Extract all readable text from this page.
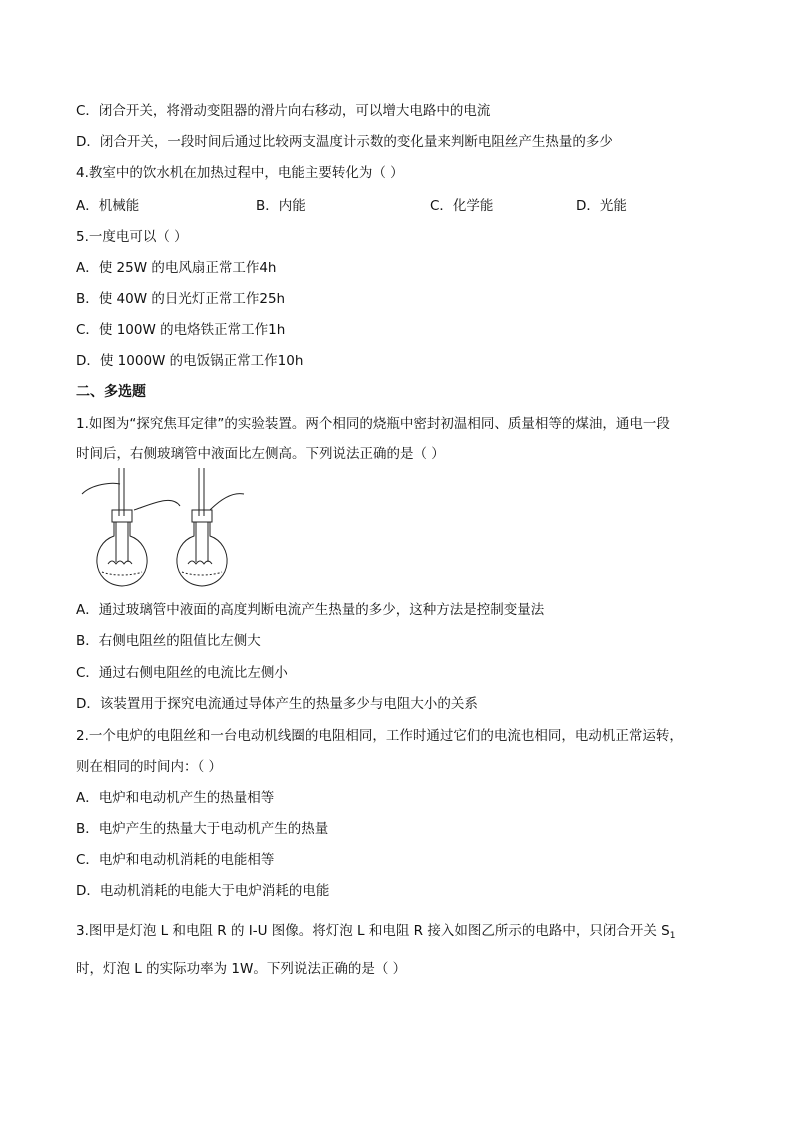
C．闭合开关，将滑动变阻器的滑片向右移动，可以增大电路中的电流
D．闭合开关，一段时间后通过比较两支温度计示数的变化量来判断电阻丝产生热量的多少
4.教室中的饮水机在加热过程中，电能主要转化为（ ）
A．机械能	B．内能	C．化学能	D．光能
5.一度电可以（ ）
A．使 25W 的电风扇正常工作4h
B．使 40W 的日光灯正常工作25h
C．使 100W 的电烙铁正常工作1h
D．使 1000W 的电饭锅正常工作10h
二、多选题
1.如图为“探究焦耳定律”的实验装置。两个相同的烧瓶中密封初温相同、质量相等的煤油，通电一段
时间后，右侧玻璃管中液面比左侧高。下列说法正确的是（ ）
A．通过玻璃管中液面的高度判断电流产生热量的多少，这种方法是控制变量法
B．右侧电阻丝的阻值比左侧大
C．通过右侧电阻丝的电流比左侧小
D．该装置用于探究电流通过导体产生的热量多少与电阻大小的关系
2.一个电炉的电阻丝和一台电动机线圈的电阻相同，工作时通过它们的电流也相同，电动机正常运转，
则在相同的时间内：（ ）
A．电炉和电动机产生的热量相等
B．电炉产生的热量大于电动机产生的热量
C．电炉和电动机消耗的电能相等
D．电动机消耗的电能大于电炉消耗的电能
3.图甲是灯泡 L 和电阻 R 的 I-U 图像。将灯泡 L 和电阻 R 接入如图乙所示的电路中，只闭合开关 $S_1$
时，灯泡 L 的实际功率为 1W。下列说法正确的是（ ）
